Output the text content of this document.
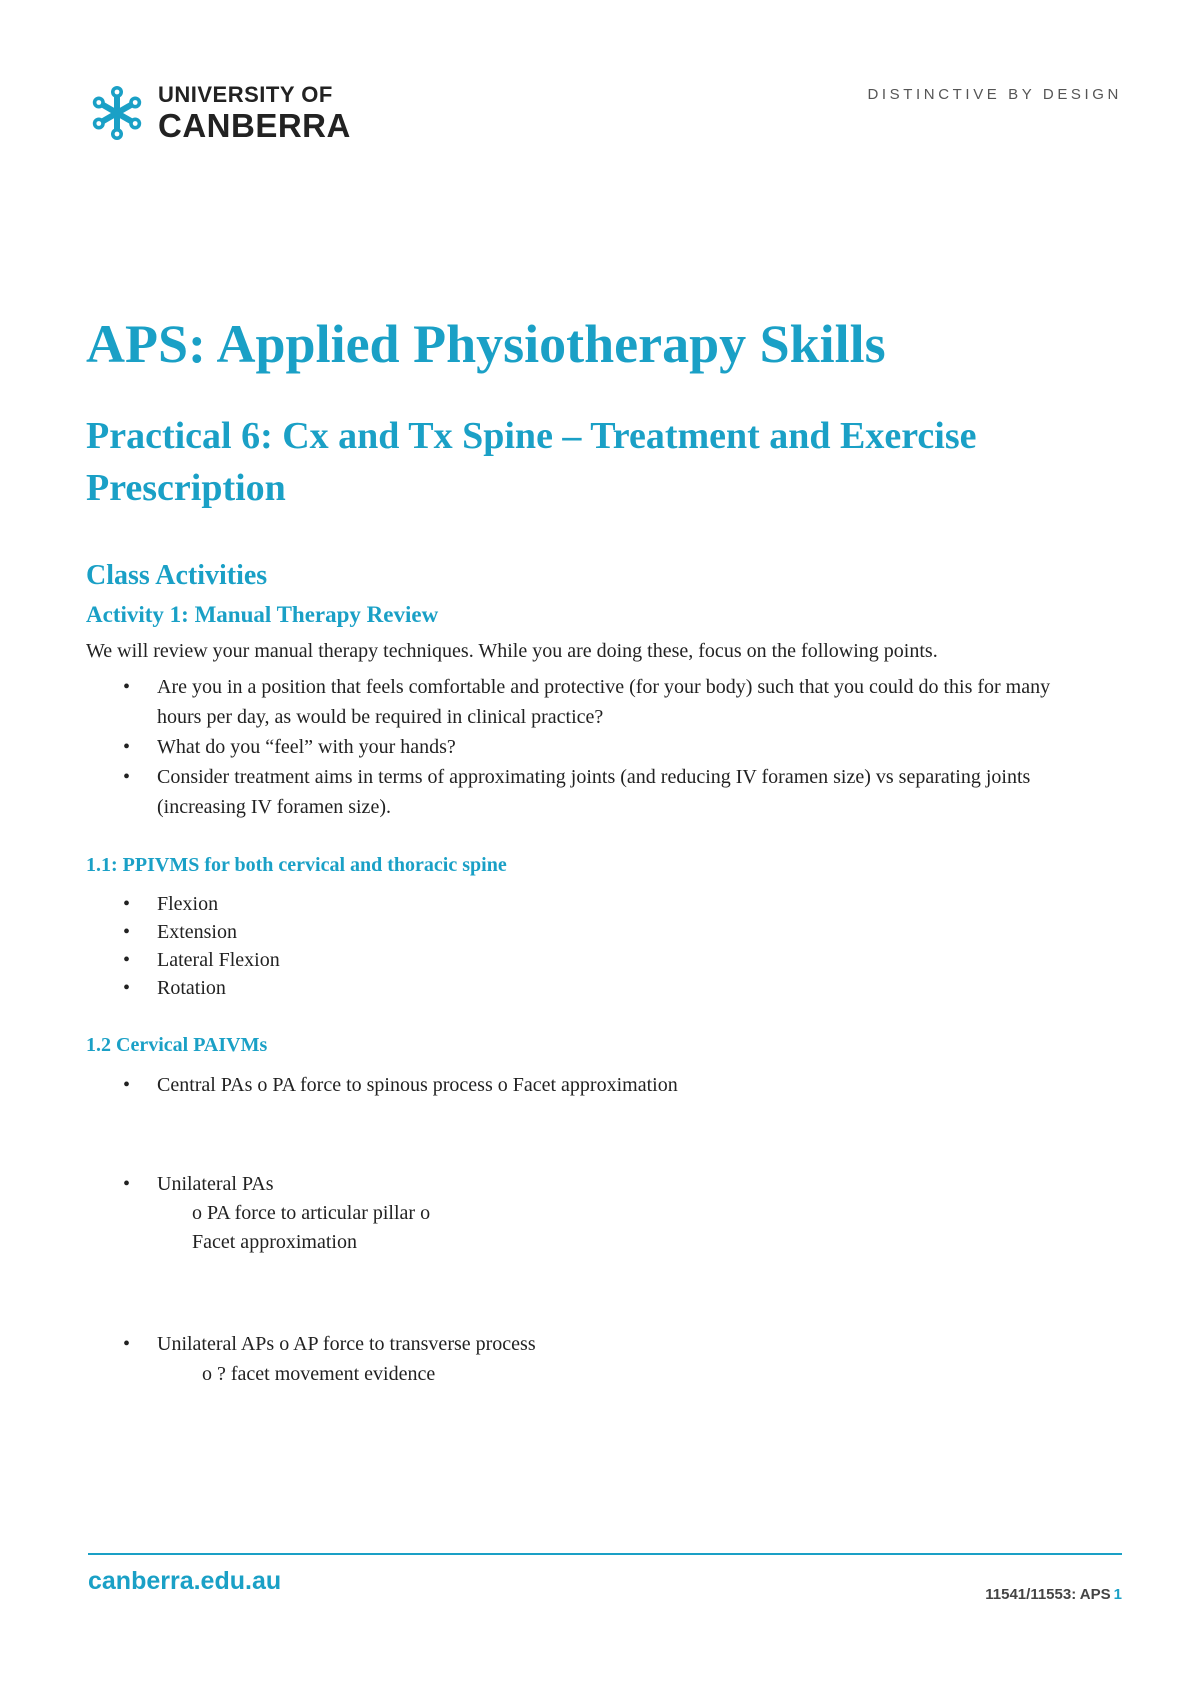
UNIVERSITY OF
CANBERRA
DISTINCTIVE BY DESIGN
APS: Applied Physiotherapy Skills
Practical 6: Cx and Tx Spine – Treatment and Exercise Prescription
Class Activities
Activity 1: Manual Therapy Review

We will review your manual therapy techniques. While you are doing these, focus on the following points.

• Are you in a position that feels comfortable and protective (for your body) such that you could do this for many hours per day, as would be required in clinical practice?
• What do you “feel” with your hands?
• Consider treatment aims in terms of approximating joints (and reducing IV foramen size) vs separating joints (increasing IV foramen size).
1.1: PPIVMS for both cervical and thoracic spine
• Flexion
• Extension
• Lateral Flexion
• Rotation
1.2 Cervical PAIVMs
• Central PAs o PA force to spinous process o Facet approximation
• Unilateral PAs
o PA force to articular pillar o
Facet approximation
• Unilateral APs o AP force to transverse process
o ? facet movement evidence
canberra.edu.au	11541/11553: APS 1
